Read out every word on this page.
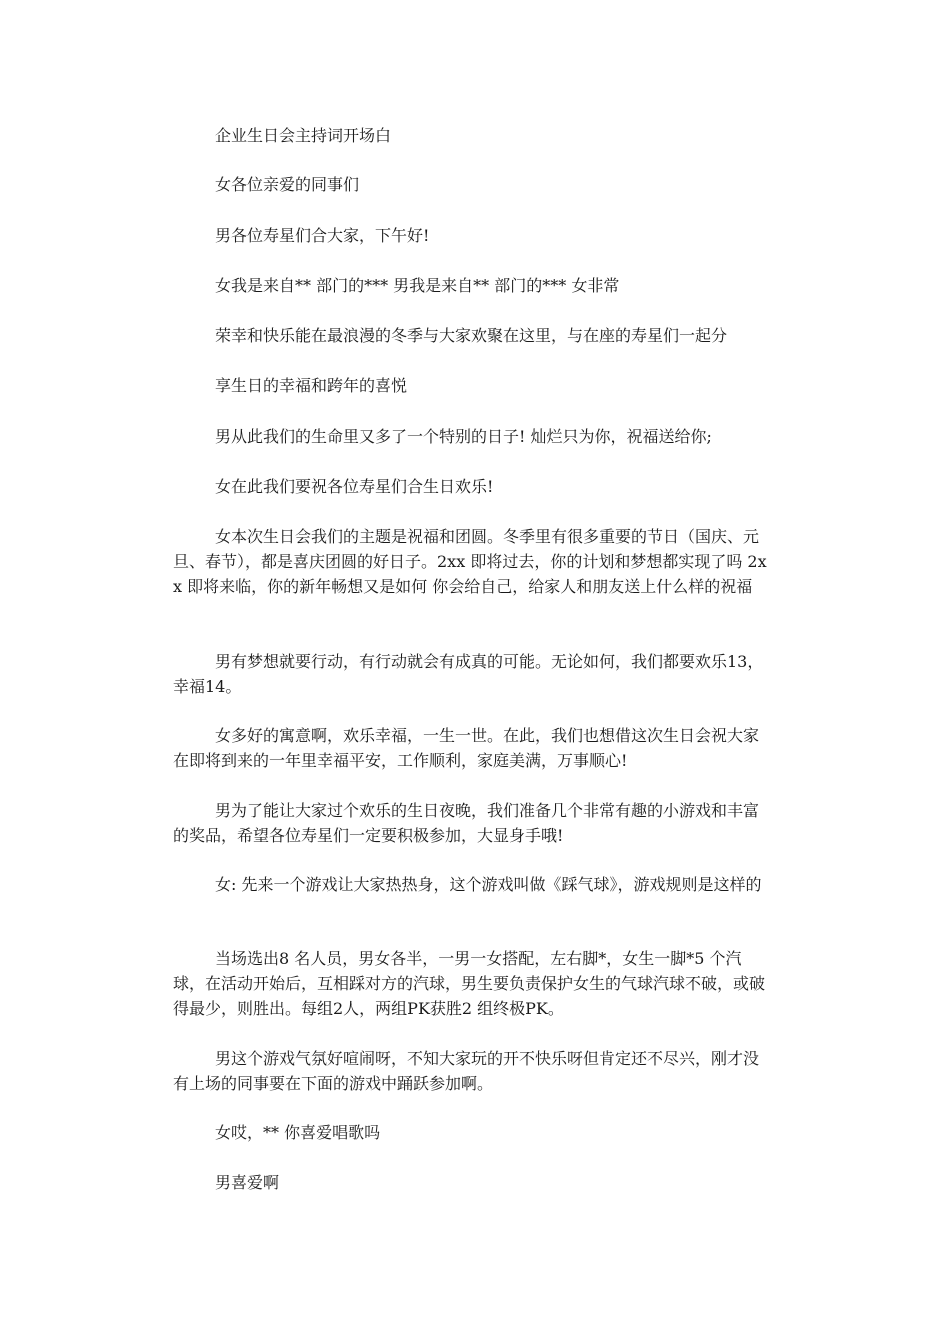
企业生日会主持词开场白

女各位亲爱的同事们

男各位寿星们合大家，下午好!

女我是来自** 部门的*** 男我是来自** 部门的*** 女非常

荣幸和快乐能在最浪漫的冬季与大家欢聚在这里，与在座的寿星们一起分

享生日的幸福和跨年的喜悦

男从此我们的生命里又多了一个特别的日子! 灿烂只为你，祝福送给你;

女在此我们要祝各位寿星们合生日欢乐!

女本次生日会我们的主题是祝福和团圆。冬季里有很多重要的节日（国庆、元旦、春节），都是喜庆团圆的好日子。2xx 即将过去，你的计划和梦想都实现了吗 2xx 即将来临，你的新年畅想又是如何 你会给自己，给家人和朋友送上什么样的祝福

男有梦想就要行动，有行动就会有成真的可能。无论如何，我们都要欢乐13，幸福14。

女多好的寓意啊，欢乐幸福，一生一世。在此，我们也想借这次生日会祝大家在即将到来的一年里幸福平安，工作顺利，家庭美满，万事顺心!

男为了能让大家过个欢乐的生日夜晚，我们准备几个非常有趣的小游戏和丰富的奖品，希望各位寿星们一定要积极参加，大显身手哦!

女: 先来一个游戏让大家热热身，这个游戏叫做《踩气球》，游戏规则是这样的

当场选出8 名人员，男女各半，一男一女搭配，左右脚*，女生一脚*5 个汽球，在活动开始后，互相踩对方的汽球，男生要负责保护女生的气球汽球不破，或破得最少，则胜出。每组2人，两组PK获胜2 组终极PK。

男这个游戏气氛好喧闹呀，不知大家玩的开不快乐呀但肯定还不尽兴，刚才没有上场的同事要在下面的游戏中踊跃参加啊。

女哎，** 你喜爱唱歌吗

男喜爱啊
